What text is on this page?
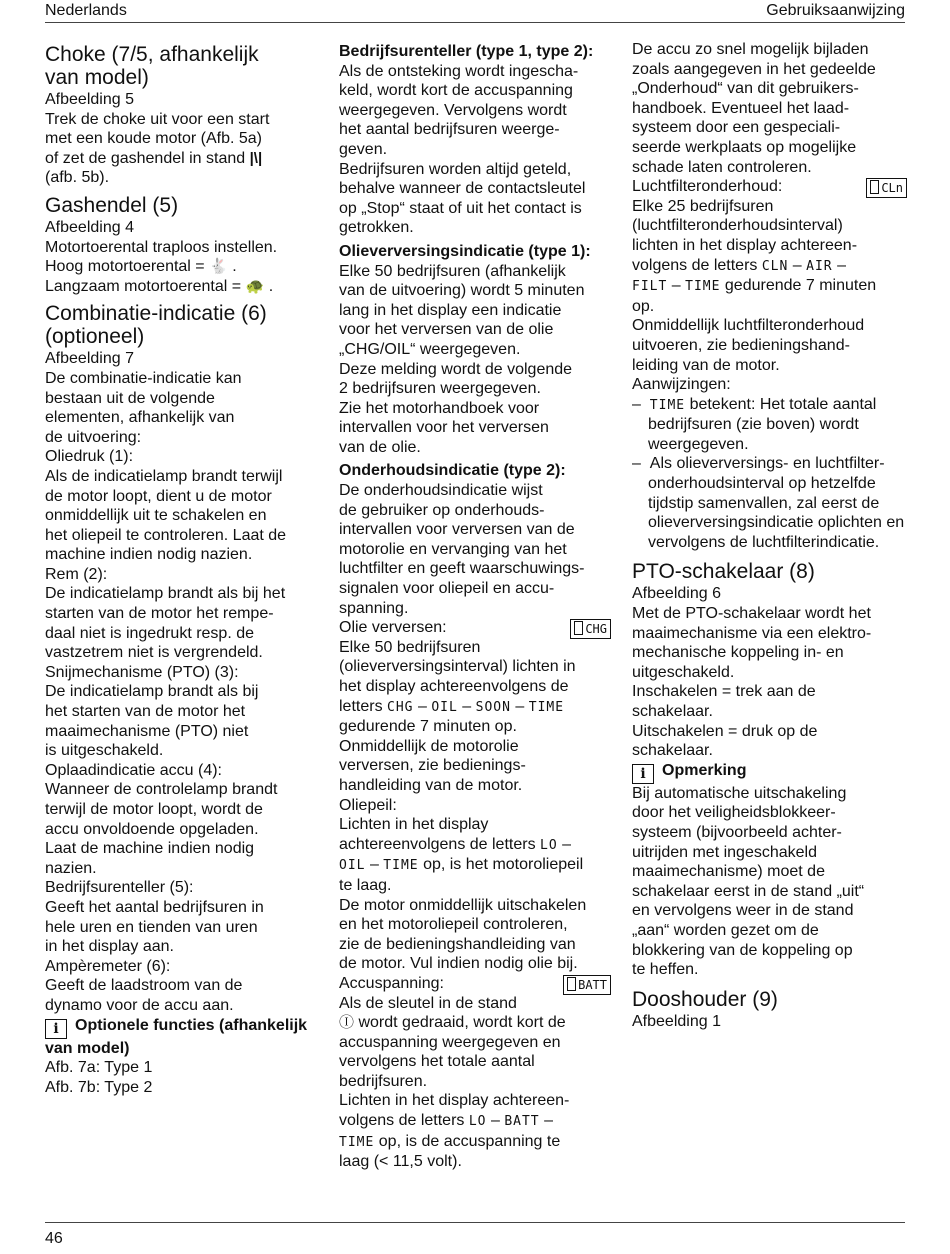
Nederlands	Gebruiksaanwijzing
Choke (7/5, afhankelijk
van model)

Afbeelding 5

Trek de choke uit voor een start

met een koude motor (Afb. 5a)

of zet de gashendel in stand |\|

(afb. 5b).

Gashendel (5)

Afbeelding 4

Motortoerental traploos instellen.

Hoog motortoerental = 🐇 .

Langzaam motortoerental = 🐢 .

Combinatie-indicatie (6)
(optioneel)

Afbeelding 7

De combinatie-indicatie kan

bestaan uit de volgende

elementen, afhankelijk van

de uitvoering:

Oliedruk (1):

Als de indicatielamp brandt terwijl

de motor loopt, dient u de motor

onmiddellijk uit te schakelen en

het oliepeil te controleren. Laat de

machine indien nodig nazien.

Rem (2):

De indicatielamp brandt als bij het

starten van de motor het rempe-

daal niet is ingedrukt resp. de

vastzetrem niet is vergrendeld.

Snijmechanisme (PTO) (3):

De indicatielamp brandt als bij

het starten van de motor het

maaimechanisme (PTO) niet

is uitgeschakeld.

Oplaadindicatie accu (4):

Wanneer de controlelamp brandt

terwijl de motor loopt, wordt de

accu onvoldoende opgeladen.

Laat de machine indien nodig

nazien.

Bedrijfsurenteller (5):

Geeft het aantal bedrijfsuren in

hele uren en tienden van uren

in het display aan.

Ampèremeter (6):

Geeft de laadstroom van de

dynamo voor de accu aan.

i Optionele functies (afhankelijk
van model)

Afb. 7a: Type 1

Afb. 7b: Type 2

Bedrijfsurenteller (type 1, type 2):

Als de ontsteking wordt ingescha-

keld, wordt kort de accuspanning

weergegeven. Vervolgens wordt

het aantal bedrijfsuren weerge-

geven.

Bedrijfsuren worden altijd geteld,

behalve wanneer de contactsleutel

op „Stop“ staat of uit het contact is

getrokken.

Olieverversingsindicatie (type 1):

Elke 50 bedrijfsuren (afhankelijk

van de uitvoering) wordt 5 minuten

lang in het display een indicatie

voor het verversen van de olie

„CHG/OIL“ weergegeven.

Deze melding wordt de volgende

2 bedrijfsuren weergegeven.

Zie het motorhandboek voor

intervallen voor het verversen

van de olie.

Onderhoudsindicatie (type 2):

De onderhoudsindicatie wijst

de gebruiker op onderhouds-

intervallen voor verversen van de

motorolie en vervanging van het

luchtfilter en geeft waarschuwings-

signalen voor oliepeil en accu-

spanning.

CHG
Olie verversen:

Elke 50 bedrijfsuren

(olieverversingsinterval) lichten in

het display achtereenvolgens de

letters CHG – OIL – SOON – TIME

gedurende 7 minuten op.

Onmiddellijk de motorolie

verversen, zie bedienings-

handleiding van de motor.

Oliepeil:

Lichten in het display

achtereenvolgens de letters LO –

OIL – TIME op, is het motoroliepeil

te laag.

De motor onmiddellijk uitschakelen

en het motoroliepeil controleren,

zie de bedieningshandleiding van

de motor. Vul indien nodig olie bij.

BATT
Accuspanning:

Als de sleutel in de stand

Ⓘ wordt gedraaid, wordt kort de

accuspanning weergegeven en

vervolgens het totale aantal

bedrijfsuren.

Lichten in het display achtereen-

volgens de letters LO – BATT –

TIME op, is de accuspanning te

laag (< 11,5 volt).

De accu zo snel mogelijk bijladen

zoals aangegeven in het gedeelde

„Onderhoud“ van dit gebruikers-

handboek. Eventueel het laad-

systeem door een gespeciali-

seerde werkplaats op mogelijke

schade laten controleren.

CLn
Luchtfilteronderhoud:

Elke 25 bedrijfsuren

(luchtfilteronderhoudsinterval)

lichten in het display achtereen-

volgens de letters CLN – AIR –

FILT – TIME gedurende 7 minuten

op.

Onmiddellijk luchtfilteronderhoud

uitvoeren, zie bedieningshand-

leiding van de motor.

Aanwijzingen:

–  TIME betekent: Het totale aantal bedrijfsuren (zie boven) wordt weergegeven.

–  Als olieverversings- en luchtfilter-onderhoudsinterval op hetzelfde tijdstip samenvallen, zal eerst de olieverversingsindicatie oplichten en vervolgens de luchtfilterindicatie.

PTO-schakelaar (8)

Afbeelding 6

Met de PTO-schakelaar wordt het

maaimechanisme via een elektro-

mechanische koppeling in- en

uitgeschakeld.

Inschakelen = trek aan de

schakelaar.

Uitschakelen = druk op de

schakelaar.

i Opmerking

Bij automatische uitschakeling

door het veiligheidsblokkeer-

systeem (bijvoorbeeld achter-

uitrijden met ingeschakeld

maaimechanisme) moet de

schakelaar eerst in de stand „uit“

en vervolgens weer in de stand

„aan“ worden gezet om de

blokkering van de koppeling op

te heffen.

Dooshouder (9)

Afbeelding 1

46
